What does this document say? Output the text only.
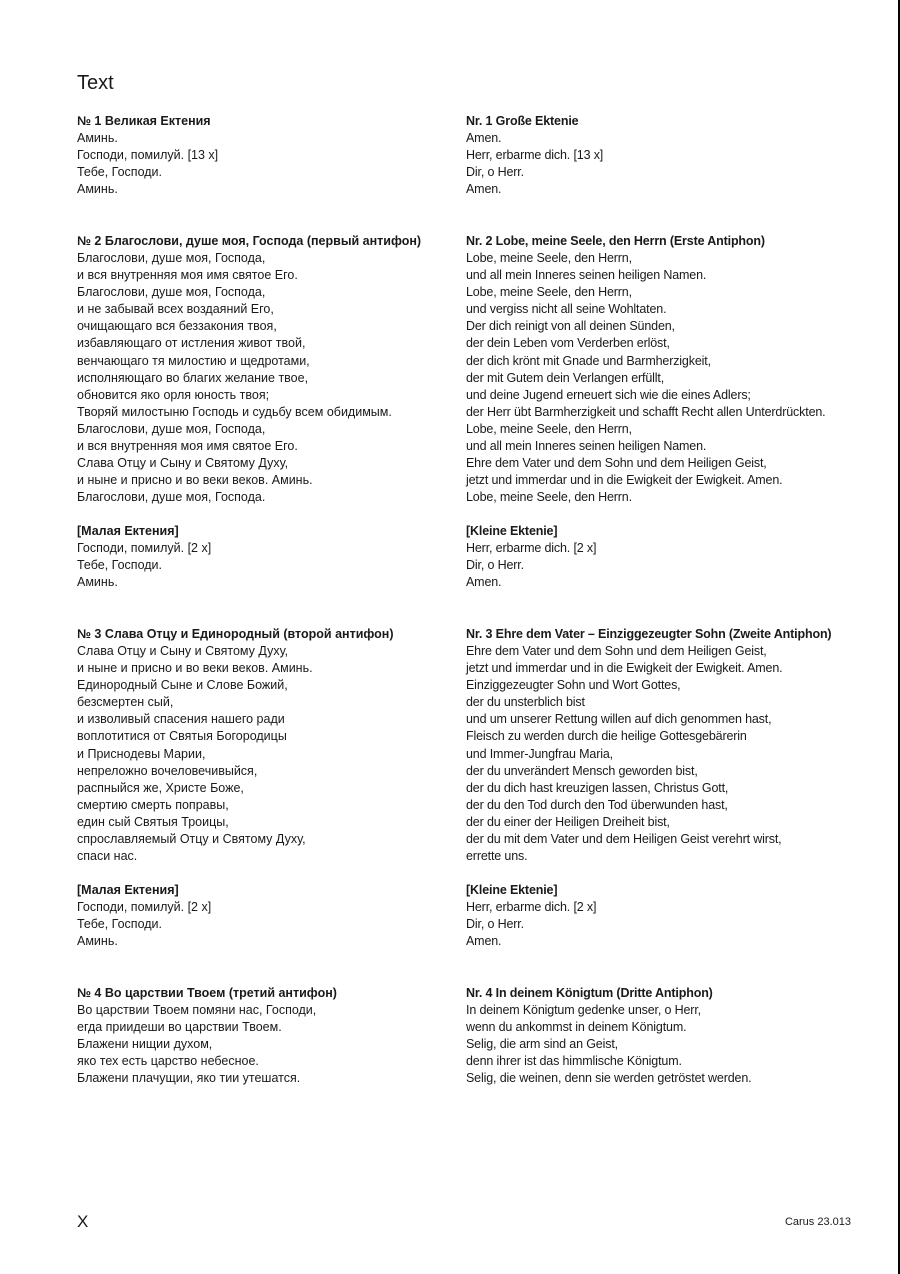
Text
№ 1 Великая Ектения
Аминь.
Господи, помилуй. [13 x]
Тебе, Господи.
Аминь.
№ 2 Благослови, душе моя, Господа (первый антифон)
Благослови, душе моя, Господа,
и вся внутренняя моя имя святое Его.
Благослови, душе моя, Господа,
и не забывай всех воздаяний Его,
очищающаго вся беззакония твоя,
избавляющаго от истления живот твой,
венчающаго тя милостию и щедротами,
исполняющаго во благих желание твое,
обновится яко орля юность твоя;
Творяй милостыню Господь и судьбу всем обидимым.
Благослови, душе моя, Господа,
и вся внутренняя моя имя святое Его.
Слава Отцу и Сыну и Святому Духу,
и ныне и присно и во веки веков. Аминь.
Благослови, душе моя, Господа.
[Малая Ектения]
Господи, помилуй. [2 x]
Тебе, Господи.
Аминь.
№ 3 Слава Отцу и Единородный (второй антифон)
Слава Отцу и Сыну и Святому Духу,
и ныне и присно и во веки веков. Аминь.
Единородный Сыне и Слове Божий,
безсмертен сый,
и изволивый спасения нашего ради
воплотитися от Святыя Богородицы
и Приснодевы Марии,
непреложно вочеловечивыйся,
распныйся же, Христе Боже,
смертию смерть поправы,
един сый Святыя Троицы,
спрославляемый Отцу и Святому Духу,
спаси нас.
[Малая Ектения]
Господи, помилуй. [2 x]
Тебе, Господи.
Аминь.
№ 4 Во царствии Твоем (третий антифон)
Во царствии Твоем помяни нас, Господи,
егда приидеши во царствии Твоем.
Блажени нищии духом,
яко тех есть царство небесное.
Блажени плачущии, яко тии утешатся.
Nr. 1 Große Ektenie
Amen.
Herr, erbarme dich. [13 x]
Dir, o Herr.
Amen.
Nr. 2 Lobe, meine Seele, den Herrn (Erste Antiphon)
Lobe, meine Seele, den Herrn,
und all mein Inneres seinen heiligen Namen.
Lobe, meine Seele, den Herrn,
und vergiss nicht all seine Wohltaten.
Der dich reinigt von all deinen Sünden,
der dein Leben vom Verderben erlöst,
der dich krönt mit Gnade und Barmherzigkeit,
der mit Gutem dein Verlangen erfüllt,
und deine Jugend erneuert sich wie die eines Adlers;
der Herr übt Barmherzigkeit und schafft Recht allen Unterdrückten.
Lobe, meine Seele, den Herrn,
und all mein Inneres seinen heiligen Namen.
Ehre dem Vater und dem Sohn und dem Heiligen Geist,
jetzt und immerdar und in die Ewigkeit der Ewigkeit. Amen.
Lobe, meine Seele, den Herrn.
[Kleine Ektenie]
Herr, erbarme dich. [2 x]
Dir, o Herr.
Amen.
Nr. 3 Ehre dem Vater – Einziggezeugter Sohn (Zweite Antiphon)
Ehre dem Vater und dem Sohn und dem Heiligen Geist,
jetzt und immerdar und in die Ewigkeit der Ewigkeit. Amen.
Einziggezeugter Sohn und Wort Gottes,
der du unsterblich bist
und um unserer Rettung willen auf dich genommen hast,
Fleisch zu werden durch die heilige Gottesgebärerin
und Immer-Jungfrau Maria,
der du unverändert Mensch geworden bist,
der du dich hast kreuzigen lassen, Christus Gott,
der du den Tod durch den Tod überwunden hast,
der du einer der Heiligen Dreiheit bist,
der du mit dem Vater und dem Heiligen Geist verehrt wirst,
errette uns.
[Kleine Ektenie]
Herr, erbarme dich. [2 x]
Dir, o Herr.
Amen.
Nr. 4 In deinem Königtum (Dritte Antiphon)
In deinem Königtum gedenke unser, o Herr,
wenn du ankommst in deinem Königtum.
Selig, die arm sind an Geist,
denn ihrer ist das himmlische Königtum.
Selig, die weinen, denn sie werden getröstet werden.
X	Carus 23.013
